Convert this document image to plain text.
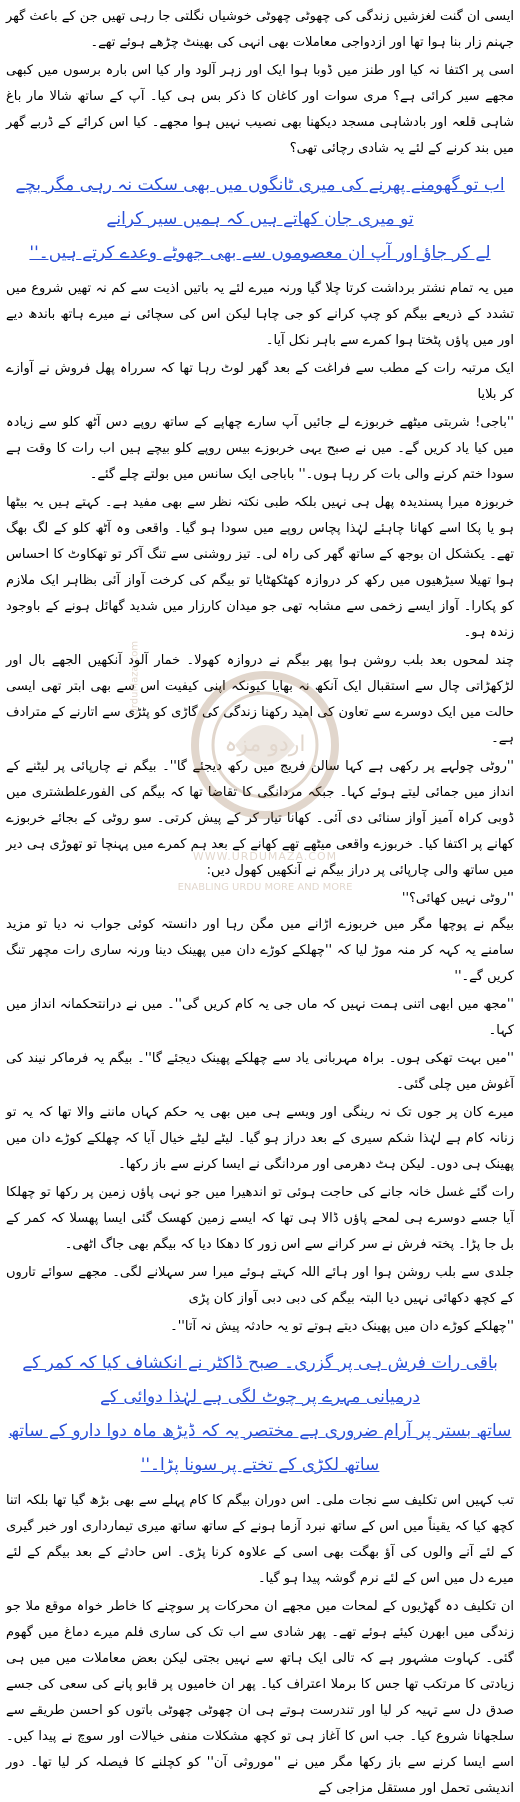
ایسی ان گنت لغزشیں زندگی کی چھوٹی چھوٹی خوشیاں نگلتی جا رہی تھیں جن کے باعث گھر جہنم زار بنا ہوا تھا اور ازدواجی معاملات بھی انہی کی بھینٹ چڑھے ہوئے تھے۔

اسی پر اکتفا نہ کیا اور طنز میں ڈوبا ہوا ایک اور زہر آلود وار کیا اس بارہ برسوں میں کبھی مجھے سیر کرائی ہے؟ مری سوات اور کاغان کا ذکر بس ہی کیا۔ آپ کے ساتھ شالا مار باغ شاہی قلعہ اور بادشاہی مسجد دیکھنا بھی نصیب نہیں ہوا مجھے۔ کیا اس کرائے کے ڈربے گھر میں بند کرنے کے لئے یہ شادی رچائی تھی؟

اب تو گھومنے پھرنے کی میری ٹانگوں میں بھی سکت نہ رہی مگر بچے تو میری جان کھاتے ہیں کہ ہمیں سیر کرانے
لے کر جاؤ اور آپ ان معصوموں سے بھی جھوٹے وعدے کرتے ہیں۔''

میں یہ تمام نشتر برداشت کرتا چلا گیا ورنہ میرے لئے یہ باتیں اذیت سے کم نہ تھیں شروع میں تشدد کے ذریعے بیگم کو چپ کرانے کو جی چاہا لیکن اس کی سچائی نے میرے ہاتھ باندھ دیے اور میں پاؤں پٹختا ہوا کمرے سے باہر نکل آیا۔

ایک مرتبہ رات کے مطب سے فراغت کے بعد گھر لوٹ رہا تھا کہ سرراہ پھل فروش نے آوازے کر بلایا

''باجی! شربتی میٹھے خربوزے لے جائیں آپ سارے چھاپے کے ساتھ روپے دس آٹھ کلو سے زیادہ میں کیا یاد کریں گے۔ میں نے صبح یہی خربوزے بیس روپے کلو بیچے ہیں اب رات کا وقت ہے سودا ختم کرنے والی بات کر رہا ہوں۔'' باباجی ایک سانس میں بولتے چلے گئے۔

خربوزہ میرا پسندیدہ پھل ہی نہیں بلکہ طبی نکتہ نظر سے بھی مفید ہے۔ کہتے ہیں یہ بیٹھا ہو یا پکا اسے کھانا چاہئے لہٰذا پچاس روپے میں سودا ہو گیا۔ واقعی وہ آٹھ کلو کے لگ بھگ تھے۔ یکشکل ان بوجھ کے ساتھ گھر کی راہ لی۔ تیز روشنی سے تنگ آکر تو تھکاوٹ کا احساس ہوا تھیلا سیڑھیوں میں رکھ کر دروازہ کھٹکھٹایا تو بیگم کی کرخت آواز آئی بظاہر ایک ملازم کو پکارا۔ آواز ایسے زخمی سے مشابہ تھی جو میدان کارزار میں شدید گھائل ہونے کے باوجود زندہ ہو۔

چند لمحوں بعد بلب روشن ہوا پھر بیگم نے دروازہ کھولا۔ خمار آلود آنکھیں الجھے بال اور لڑکھڑاتی چال سے استقبال ایک آنکھ نہ بھایا کیونکہ اپنی کیفیت اس سے بھی ابتر تھی ایسی حالت میں ایک دوسرے سے تعاون کی امید رکھنا زندگی کی گاڑی کو پٹڑی سے اتارنے کے مترادف ہے۔

''روٹی چولہے پر رکھی ہے کہا سالن فریج میں رکھ دیجئے گا''۔ بیگم نے چارپائی پر لیٹنے کے انداز میں جمائی لیتے ہوئے کہا۔ جبکہ مردانگی کا تقاضا تھا کہ بیگم کی الفورعلطشتری میں ڈوبی کراہ آمیز آواز سنائی دی آئی۔ کھانا تیار کر کے پیش کرتی۔ سو روٹی کے بجائے خربوزے کھانے پر اکتفا کیا۔ خربوزے واقعی میٹھے تھے کھانے کے بعد ہم کمرے میں پہنچا تو تھوڑی ہی دیر میں ساتھ والی چارپائی پر دراز بیگم نے آنکھیں کھول دیں:

''روٹی نہیں کھائی؟''

بیگم نے پوچھا مگر میں خربوزے اڑانے میں مگن رہا اور دانستہ کوئی جواب نہ دیا تو مزید سامنے یہ کہہ کر منہ موڑ لیا کہ ''چھلکے کوڑے دان میں پھینک دینا ورنہ ساری رات مچھر تنگ کریں گے۔''

''مجھ میں ابھی اتنی ہمت نہیں کہ ماں جی یہ کام کریں گی''۔ میں نے درانتحکمانہ انداز میں کہا۔

''میں بہت تھکی ہوں۔ براہ مہربانی یاد سے چھلکے پھینک دیجئے گا''۔ بیگم یہ فرماکر نیند کی آغوش میں چلی گئی۔

میرے کان پر جوں تک نہ رینگی اور ویسے ہی میں بھی یہ حکم کہاں ماننے والا تھا کہ یہ تو زنانہ کام ہے لہٰذا شکم سیری کے بعد دراز ہو گیا۔ لیٹے لیٹے خیال آیا کہ چھلکے کوڑے دان میں پھینک ہی دوں۔ لیکن ہٹ دھرمی اور مردانگی نے ایسا کرنے سے باز رکھا۔

رات گئے غسل خانہ جانے کی حاجت ہوئی تو اندھیرا میں جو نہی پاؤں زمین پر رکھا تو چھلکا آیا جسے دوسرے ہی لمحے پاؤں ڈالا ہی تھا کہ ایسے زمین کھسک گئی ایسا پھسلا کہ کمر کے بل جا پڑا۔ پختہ فرش نے سر کرانے سے اس زور کا دھکا دیا کہ بیگم بھی جاگ اٹھی۔

جلدی سے بلب روشن ہوا اور ہائے اللہ کہتے ہوئے میرا سر سہلانے لگی۔ مجھے سوائے تاروں کے کچھ دکھائی نہیں دیا البتہ بیگم کی دبی دبی آواز کان پڑی

''چھلکے کوڑے دان میں پھینک دیتے ہوتے تو یہ حادثہ پیش نہ آتا''۔

باقی رات فرش ہی پر گزری۔ صبح ڈاکٹر نے انکشاف کیا کہ کمر کے درمیانی مہرے پر چوٹ لگی ہے لہٰذا دوائی کے
ساتھ بستر پر آرام ضروری ہے مختصر یہ کہ ڈیڑھ ماہ دوا دارو کے ساتھ ساتھ لکڑی کے تختے پر سونا پڑا۔''

تب کہیں اس تکلیف سے نجات ملی۔ اس دوران بیگم کا کام پہلے سے بھی بڑھ گیا تھا بلکہ اتنا کچھ کیا کہ یقیناً میں اس کے ساتھ نبرد آزما ہونے کے ساتھ ساتھ میری تیمارداری اور خبر گیری کے لئے آنے والوں کی آؤ بھگت بھی اسی کے علاوہ کرنا پڑی۔ اس حادثے کے بعد بیگم کے لئے میرے دل میں اس کے لئے نرم گوشہ پیدا ہو گیا۔

ان تکلیف دہ گھڑیوں کے لمحات میں مجھے ان محرکات پر سوچنے کا خاطر خواہ موقع ملا جو زندگی میں ابھرن کیئے ہوئے تھے۔ پھر شادی سے اب تک کی ساری فلم میرے دماغ میں گھوم گئی۔ کہاوت مشہور ہے کہ تالی ایک ہاتھ سے نہیں بجتی لیکن بعض معاملات میں میں ہی زیادتی کا مرتکب تھا جس کا برملا اعتراف کیا۔ پھر ان خامیوں پر قابو پانے کی سعی کی جسے صدق دل سے تہیہ کر لیا اور تندرست ہوتے ہی ان چھوٹی چھوٹی باتوں کو احسن طریقے سے سلجھانا شروع کیا۔ جب اس کا آغاز ہی تو کچھ مشکلات منفی خیالات اور سوچ نے پیدا کیں۔ اسے ایسا کرنے سے باز رکھا مگر میں نے ''موروثی آن'' کو کچلنے کا فیصلہ کر لیا تھا۔ دور اندیشی تحمل اور مستقل مزاجی کے

اردو مزہ
WWW.URDUMAZA.COM
ENABLING URDU MORE AND MORE
UrduMaza.com
